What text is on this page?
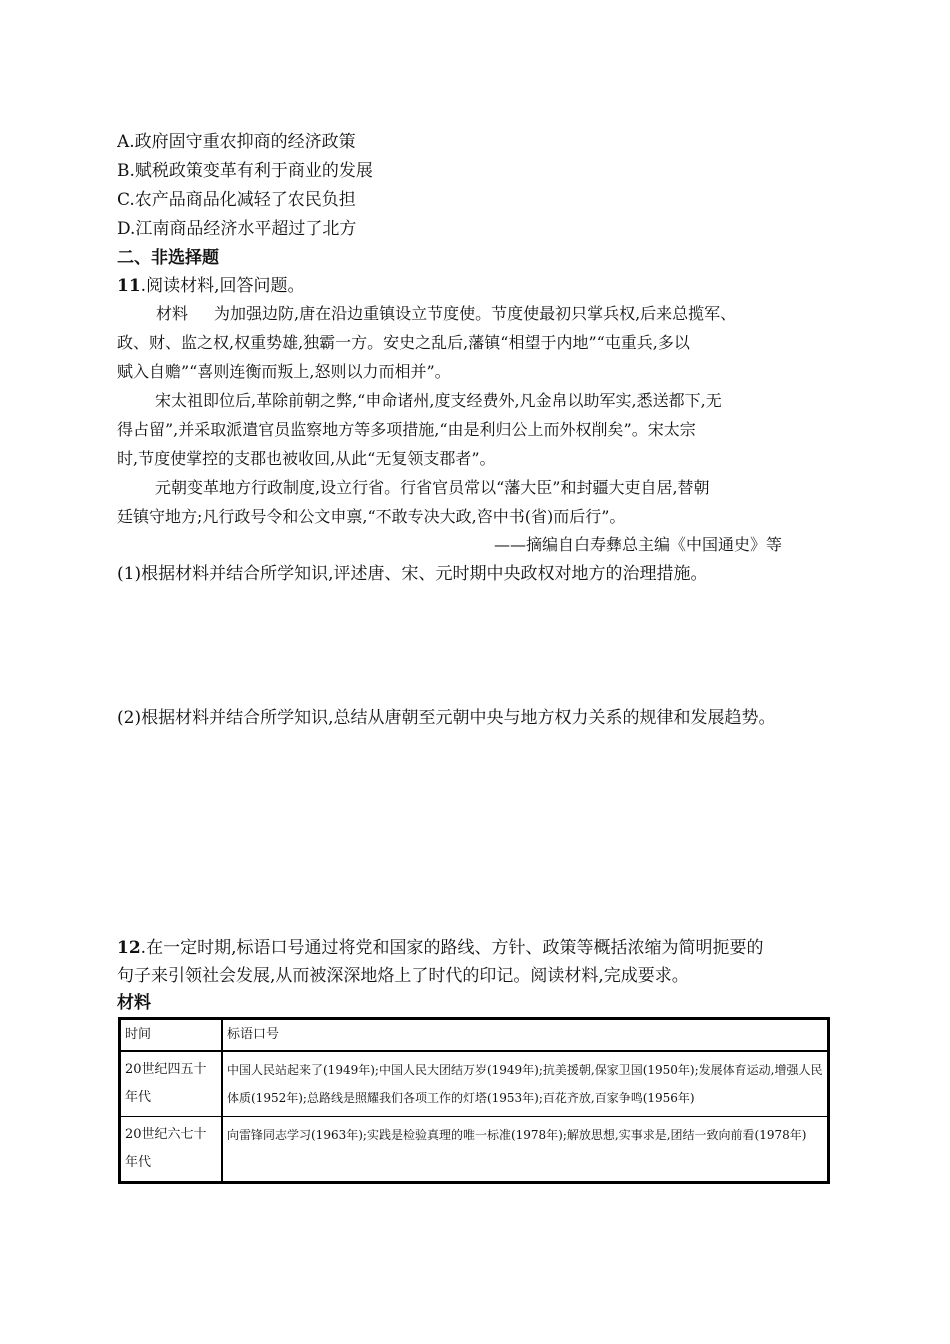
A.政府固守重农抑商的经济政策
B.赋税政策变革有利于商业的发展
C.农产品商品化减轻了农民负担
D.江南商品经济水平超过了北方
二、非选择题
11.阅读材料,回答问题。
材料 为加强边防,唐在沿边重镇设立节度使。节度使最初只掌兵权,后来总揽军、
政、财、监之权,权重势雄,独霸一方。安史之乱后,藩镇“相望于内地”“屯重兵,多以
赋入自赡”“喜则连衡而叛上,怒则以力而相并”。
宋太祖即位后,革除前朝之弊,“申命诸州,度支经费外,凡金帛以助军实,悉送都下,无
得占留”,并采取派遣官员监察地方等多项措施,“由是利归公上而外权削矣”。宋太宗
时,节度使掌控的支郡也被收回,从此“无复领支郡者”。
元朝变革地方行政制度,设立行省。行省官员常以“藩大臣”和封疆大吏自居,替朝
廷镇守地方;凡行政号令和公文申禀,“不敢专决大政,咨中书(省)而后行”。
——摘编自白寿彝总主编《中国通史》等
(1)根据材料并结合所学知识,评述唐、宋、元时期中央政权对地方的治理措施。
(2)根据材料并结合所学知识,总结从唐朝至元朝中央与地方权力关系的规律和发展趋势。
12.在一定时期,标语口号通过将党和国家的路线、方针、政策等概括浓缩为简明扼要的
句子来引领社会发展,从而被深深地烙上了时代的印记。阅读材料,完成要求。
材料
时间	标语口号
20世纪四五十年代	中国人民站起来了(1949年);中国人民大团结万岁(1949年);抗美援朝,保家卫国(1950年);发展体育运动,增强人民体质(1952年);总路线是照耀我们各项工作的灯塔(1953年);百花齐放,百家争鸣(1956年)
20世纪六七十年代	向雷锋同志学习(1963年);实践是检验真理的唯一标准(1978年);解放思想,实事求是,团结一致向前看(1978年)
